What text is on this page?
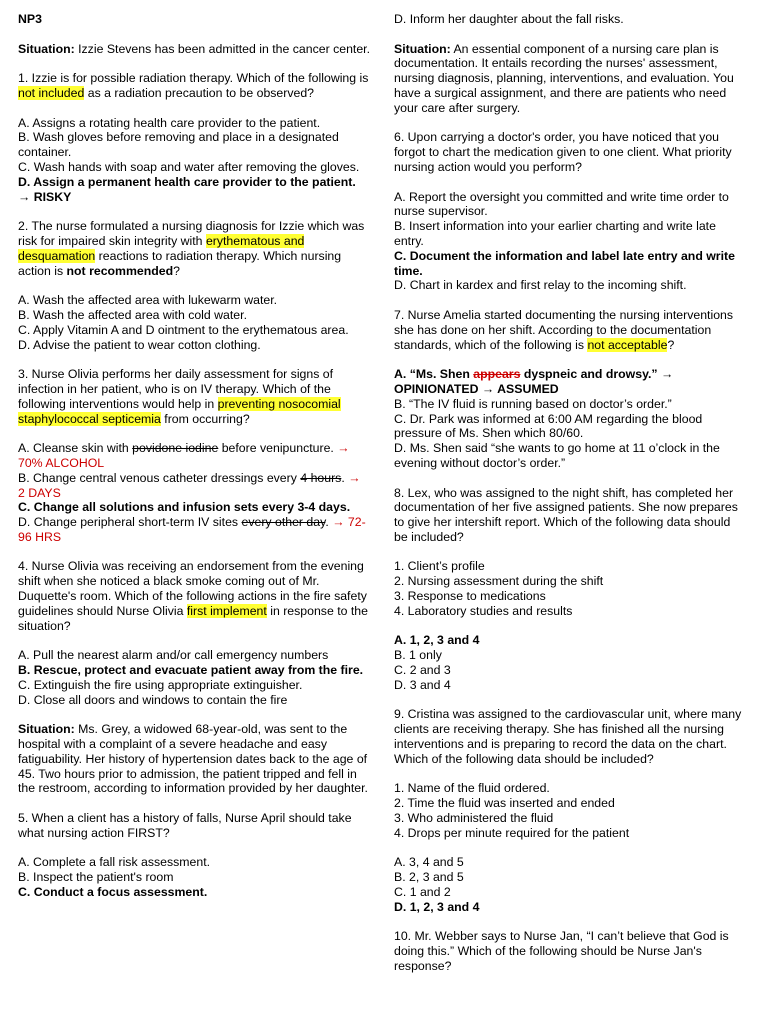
NP3

Situation: Izzie Stevens has been admitted in the cancer center.

1. Izzie is for possible radiation therapy. Which of the following is not included as a radiation precaution to be observed?

A. Assigns a rotating health care provider to the patient.
B. Wash gloves before removing and place in a designated container.
C. Wash hands with soap and water after removing the gloves.
D. Assign a permanent health care provider to the patient. → RISKY

2. The nurse formulated a nursing diagnosis for Izzie which was risk for impaired skin integrity with erythematous and desquamation reactions to radiation therapy. Which nursing action is not recommended?

A. Wash the affected area with lukewarm water.
B. Wash the affected area with cold water.
C. Apply Vitamin A and D ointment to the erythematous area.
D. Advise the patient to wear cotton clothing.

3. Nurse Olivia performs her daily assessment for signs of infection in her patient, who is on IV therapy. Which of the following interventions would help in preventing nosocomial staphylococcal septicemia from occurring?

A. Cleanse skin with povidone iodine before venipuncture. → 70% ALCOHOL
B. Change central venous catheter dressings every 4 hours. → 2 DAYS
C. Change all solutions and infusion sets every 3-4 days.
D. Change peripheral short-term IV sites every other day. → 72-96 HRS

4. Nurse Olivia was receiving an endorsement from the evening shift when she noticed a black smoke coming out of Mr. Duquette's room. Which of the following actions in the fire safety guidelines should Nurse Olivia first implement in response to the situation?

A. Pull the nearest alarm and/or call emergency numbers
B. Rescue, protect and evacuate patient away from the fire.
C. Extinguish the fire using appropriate extinguisher.
D. Close all doors and windows to contain the fire

Situation: Ms. Grey, a widowed 68-year-old, was sent to the hospital with a complaint of a severe headache and easy fatiguability. Her history of hypertension dates back to the age of 45. Two hours prior to admission, the patient tripped and fell in the restroom, according to information provided by her daughter.

5. When a client has a history of falls, Nurse April should take what nursing action FIRST?

A. Complete a fall risk assessment.
B. Inspect the patient's room
C. Conduct a focus assessment.

D. Inform her daughter about the fall risks.

Situation: An essential component of a nursing care plan is documentation. It entails recording the nurses' assessment, nursing diagnosis, planning, interventions, and evaluation. You have a surgical assignment, and there are patients who need your care after surgery.

6. Upon carrying a doctor's order, you have noticed that you forgot to chart the medication given to one client. What priority nursing action would you perform?

A. Report the oversight you committed and write time order to nurse supervisor.
B. Insert information into your earlier charting and write late entry.
C. Document the information and label late entry and write time.
D. Chart in kardex and first relay to the incoming shift.

7. Nurse Amelia started documenting the nursing interventions she has done on her shift. According to the documentation standards, which of the following is not acceptable?

A. “Ms. Shen appears dyspneic and drowsy.” → OPINIONATED → ASSUMED
B. “The IV fluid is running based on doctor’s order.”
C. Dr. Park was informed at 6:00 AM regarding the blood pressure of Ms. Shen which 80/60.
D. Ms. Shen said “she wants to go home at 11 o’clock in the evening without doctor’s order.”

8. Lex, who was assigned to the night shift, has completed her documentation of her five assigned patients. She now prepares to give her intershift report. Which of the following data should be included?

1. Client’s profile
2. Nursing assessment during the shift
3. Response to medications
4. Laboratory studies and results

A. 1, 2, 3 and 4
B. 1 only
C. 2 and 3
D. 3 and 4

9. Cristina was assigned to the cardiovascular unit, where many clients are receiving therapy. She has finished all the nursing interventions and is preparing to record the data on the chart. Which of the following data should be included?

1. Name of the fluid ordered.
2. Time the fluid was inserted and ended
3. Who administered the fluid
4. Drops per minute required for the patient

A. 3, 4 and 5
B. 2, 3 and 5
C. 1 and 2
D. 1, 2, 3 and 4

10. Mr. Webber says to Nurse Jan, “I can’t believe that God is doing this.” Which of the following should be Nurse Jan's response?
